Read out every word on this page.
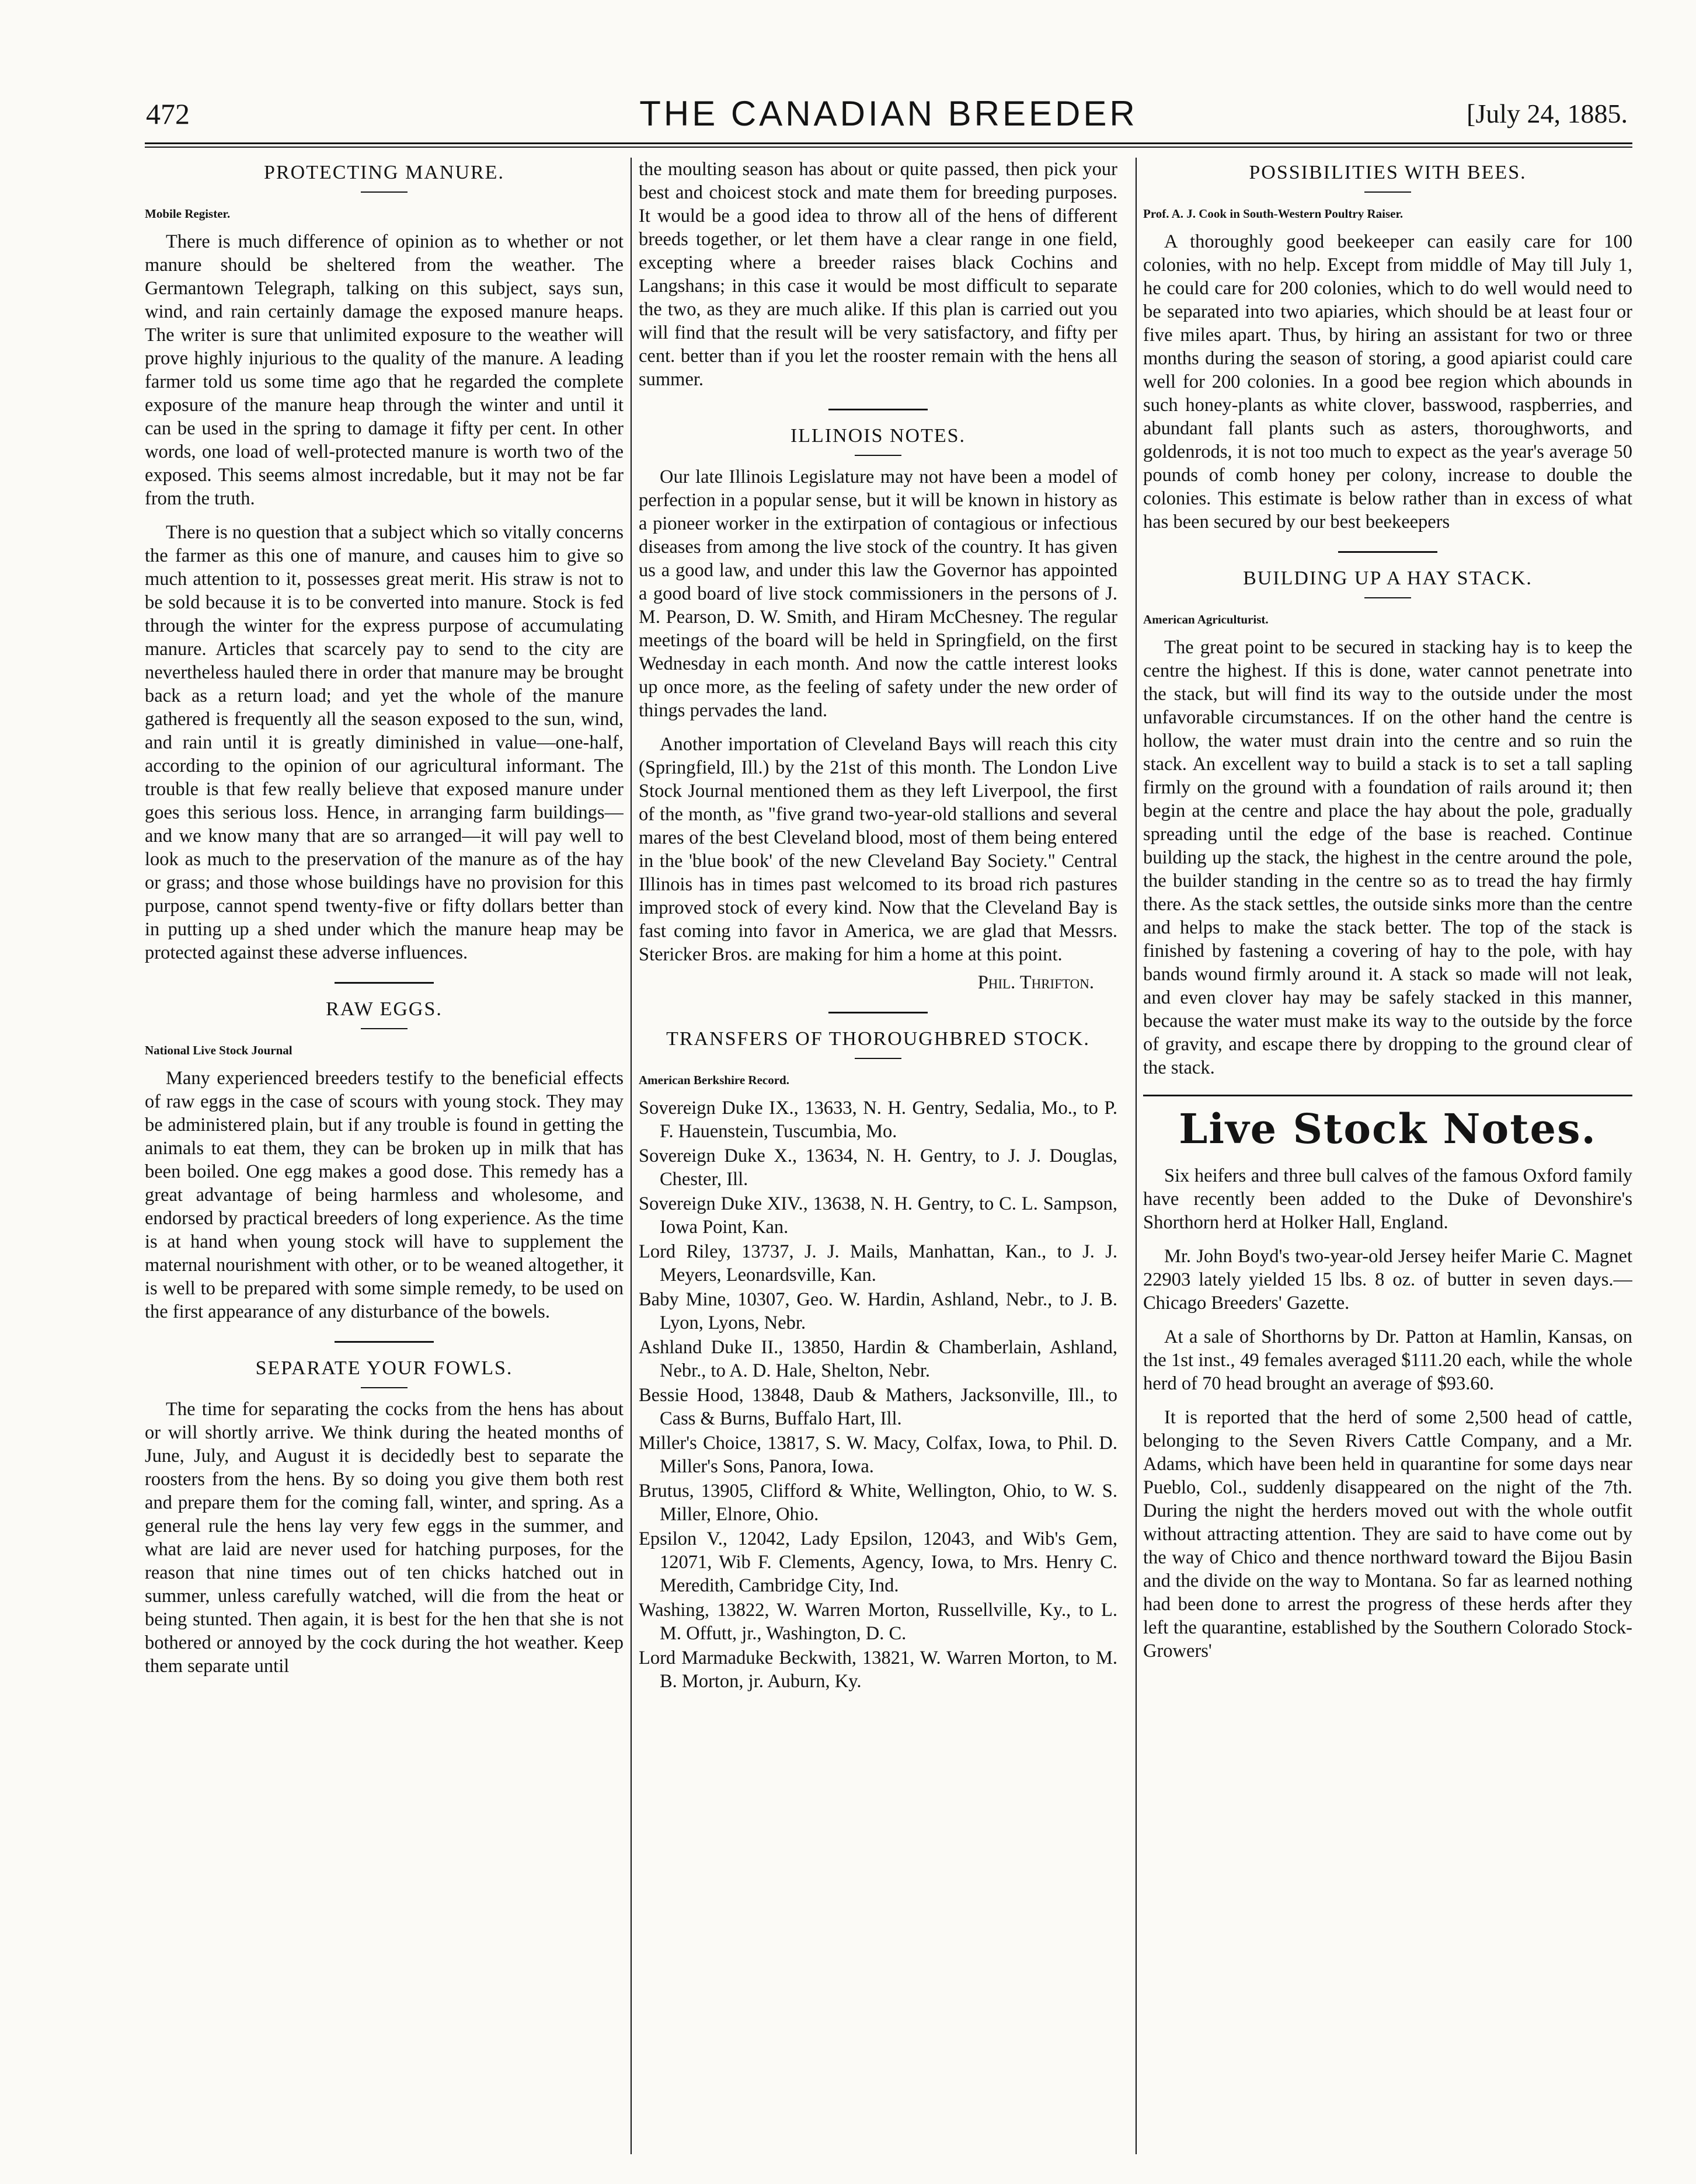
472	THE CANADIAN BREEDER	[July 24, 1885.
PROTECTING MANURE.
Mobile Register.

There is much difference of opinion as to whether or not manure should be sheltered from the weather. The Germantown Telegraph, talking on this subject, says sun, wind, and rain certainly damage the exposed manure heaps. The writer is sure that unlimited exposure to the weather will prove highly injurious to the quality of the manure. A leading farmer told us some time ago that he regarded the complete exposure of the manure heap through the winter and until it can be used in the spring to damage it fifty per cent. In other words, one load of well-protected manure is worth two of the exposed. This seems almost incredable, but it may not be far from the truth.

There is no question that a subject which so vitally concerns the farmer as this one of manure, and causes him to give so much attention to it, possesses great merit. His straw is not to be sold because it is to be converted into manure. Stock is fed through the winter for the express purpose of accumulating manure. Articles that scarcely pay to send to the city are nevertheless hauled there in order that manure may be brought back as a return load; and yet the whole of the manure gathered is frequently all the season exposed to the sun, wind, and rain until it is greatly diminished in value—one-half, according to the opinion of our agricultural informant. The trouble is that few really believe that exposed manure under goes this serious loss. Hence, in arranging farm buildings—and we know many that are so arranged—it will pay well to look as much to the preservation of the manure as of the hay or grass; and those whose buildings have no provision for this purpose, cannot spend twenty-five or fifty dollars better than in putting up a shed under which the manure heap may be protected against these adverse influences.

RAW EGGS.
National Live Stock Journal

Many experienced breeders testify to the beneficial effects of raw eggs in the case of scours with young stock. They may be administered plain, but if any trouble is found in getting the animals to eat them, they can be broken up in milk that has been boiled. One egg makes a good dose. This remedy has a great advantage of being harmless and wholesome, and endorsed by practical breeders of long experience. As the time is at hand when young stock will have to supplement the maternal nourishment with other, or to be weaned altogether, it is well to be prepared with some simple remedy, to be used on the first appearance of any disturbance of the bowels.

SEPARATE YOUR FOWLS.

The time for separating the cocks from the hens has about or will shortly arrive. We think during the heated months of June, July, and August it is decidedly best to separate the roosters from the hens. By so doing you give them both rest and prepare them for the coming fall, winter, and spring. As a general rule the hens lay very few eggs in the summer, and what are laid are never used for hatching purposes, for the reason that nine times out of ten chicks hatched out in summer, unless carefully watched, will die from the heat or being stunted. Then again, it is best for the hen that she is not bothered or annoyed by the cock during the hot weather. Keep them separate until

the moulting season has about or quite passed, then pick your best and choicest stock and mate them for breeding purposes. It would be a good idea to throw all of the hens of different breeds together, or let them have a clear range in one field, excepting where a breeder raises black Cochins and Langshans; in this case it would be most difficult to separate the two, as they are much alike. If this plan is carried out you will find that the result will be very satisfactory, and fifty per cent. better than if you let the rooster remain with the hens all summer.

ILLINOIS NOTES.

Our late Illinois Legislature may not have been a model of perfection in a popular sense, but it will be known in history as a pioneer worker in the extirpation of contagious or infectious diseases from among the live stock of the country. It has given us a good law, and under this law the Governor has appointed a good board of live stock commissioners in the persons of J. M. Pearson, D. W. Smith, and Hiram McChesney. The regular meetings of the board will be held in Springfield, on the first Wednesday in each month. And now the cattle interest looks up once more, as the feeling of safety under the new order of things pervades the land.

Another importation of Cleveland Bays will reach this city (Springfield, Ill.) by the 21st of this month. The London Live Stock Journal mentioned them as they left Liverpool, the first of the month, as "five grand two-year-old stallions and several mares of the best Cleveland blood, most of them being entered in the 'blue book' of the new Cleveland Bay Society." Central Illinois has in times past welcomed to its broad rich pastures improved stock of every kind. Now that the Cleveland Bay is fast coming into favor in America, we are glad that Messrs. Stericker Bros. are making for him a home at this point.

Phil. Thrifton.
TRANSFERS OF THOROUGHBRED STOCK.
American Berkshire Record.
Sovereign Duke IX., 13633, N. H. Gentry, Sedalia, Mo., to P. F. Hauenstein, Tuscumbia, Mo.
Sovereign Duke X., 13634, N. H. Gentry, to J. J. Douglas, Chester, Ill.
Sovereign Duke XIV., 13638, N. H. Gentry, to C. L. Sampson, Iowa Point, Kan.
Lord Riley, 13737, J. J. Mails, Manhattan, Kan., to J. J. Meyers, Leonardsville, Kan.
Baby Mine, 10307, Geo. W. Hardin, Ashland, Nebr., to J. B. Lyon, Lyons, Nebr.
Ashland Duke II., 13850, Hardin & Chamberlain, Ashland, Nebr., to A. D. Hale, Shelton, Nebr.
Bessie Hood, 13848, Daub & Mathers, Jacksonville, Ill., to Cass & Burns, Buffalo Hart, Ill.
Miller's Choice, 13817, S. W. Macy, Colfax, Iowa, to Phil. D. Miller's Sons, Panora, Iowa.
Brutus, 13905, Clifford & White, Wellington, Ohio, to W. S. Miller, Elnore, Ohio.
Epsilon V., 12042, Lady Epsilon, 12043, and Wib's Gem, 12071, Wib F. Clements, Agency, Iowa, to Mrs. Henry C. Meredith, Cambridge City, Ind.
Washing, 13822, W. Warren Morton, Russellville, Ky., to L. M. Offutt, jr., Washington, D. C.
Lord Marmaduke Beckwith, 13821, W. Warren Morton, to M. B. Morton, jr. Auburn, Ky.
POSSIBILITIES WITH BEES.
Prof. A. J. Cook in South-Western Poultry Raiser.

A thoroughly good beekeeper can easily care for 100 colonies, with no help. Except from middle of May till July 1, he could care for 200 colonies, which to do well would need to be separated into two apiaries, which should be at least four or five miles apart. Thus, by hiring an assistant for two or three months during the season of storing, a good apiarist could care well for 200 colonies. In a good bee region which abounds in such honey-plants as white clover, basswood, raspberries, and abundant fall plants such as asters, thoroughworts, and goldenrods, it is not too much to expect as the year's average 50 pounds of comb honey per colony, increase to double the colonies. This estimate is below rather than in excess of what has been secured by our best beekeepers

BUILDING UP A HAY STACK.
American Agriculturist.

The great point to be secured in stacking hay is to keep the centre the highest. If this is done, water cannot penetrate into the stack, but will find its way to the outside under the most unfavorable circumstances. If on the other hand the centre is hollow, the water must drain into the centre and so ruin the stack. An excellent way to build a stack is to set a tall sapling firmly on the ground with a foundation of rails around it; then begin at the centre and place the hay about the pole, gradually spreading until the edge of the base is reached. Continue building up the stack, the highest in the centre around the pole, the builder standing in the centre so as to tread the hay firmly there. As the stack settles, the outside sinks more than the centre and helps to make the stack better. The top of the stack is finished by fastening a covering of hay to the pole, with hay bands wound firmly around it. A stack so made will not leak, and even clover hay may be safely stacked in this manner, because the water must make its way to the outside by the force of gravity, and escape there by dropping to the ground clear of the stack.

Live Stock Notes.

Six heifers and three bull calves of the famous Oxford family have recently been added to the Duke of Devonshire's Shorthorn herd at Holker Hall, England.

Mr. John Boyd's two-year-old Jersey heifer Marie C. Magnet 22903 lately yielded 15 lbs. 8 oz. of butter in seven days.—Chicago Breeders' Gazette.

At a sale of Shorthorns by Dr. Patton at Hamlin, Kansas, on the 1st inst., 49 females averaged $111.20 each, while the whole herd of 70 head brought an average of $93.60.

It is reported that the herd of some 2,500 head of cattle, belonging to the Seven Rivers Cattle Company, and a Mr. Adams, which have been held in quarantine for some days near Pueblo, Col., suddenly disappeared on the night of the 7th. During the night the herders moved out with the whole outfit without attracting attention. They are said to have come out by the way of Chico and thence northward toward the Bijou Basin and the divide on the way to Montana. So far as learned nothing had been done to arrest the progress of these herds after they left the quarantine, established by the Southern Colorado Stock-Growers'
